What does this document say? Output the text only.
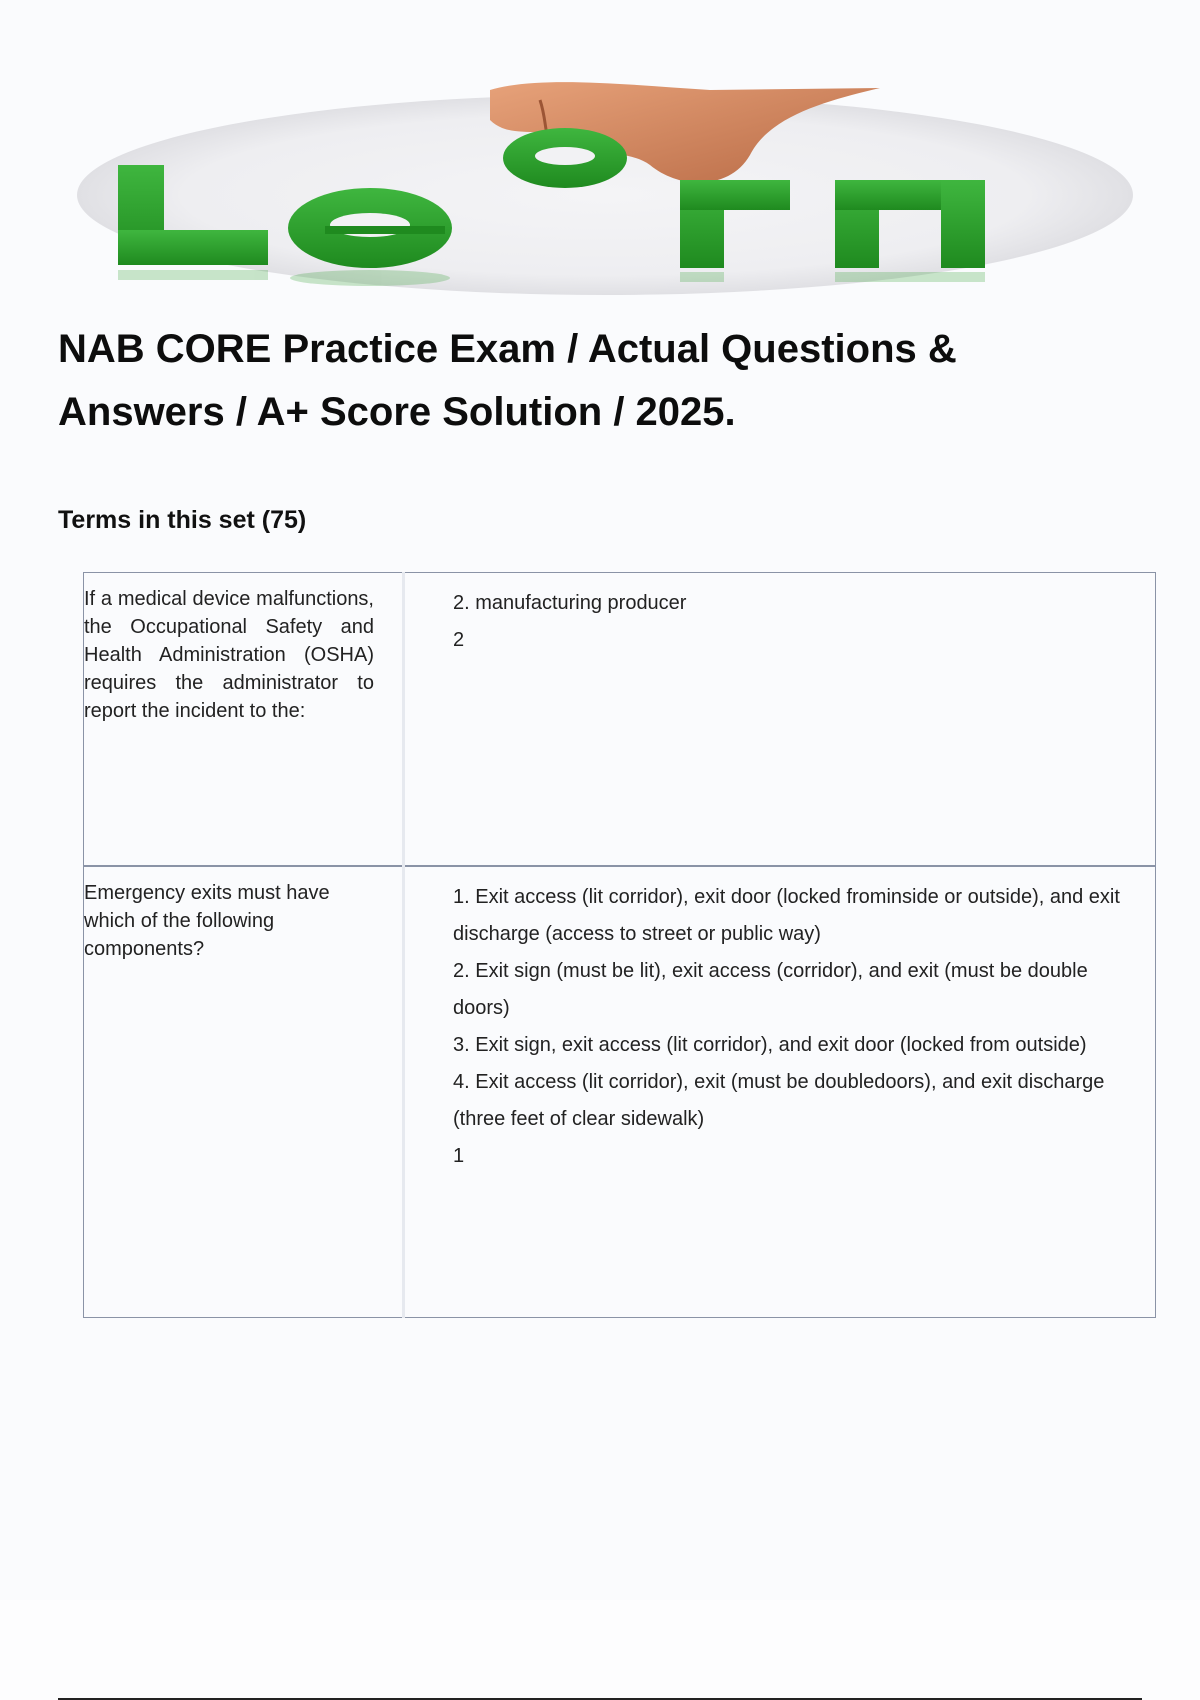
NAB CORE Practice Exam / Actual Questions & Answers / A+ Score Solution / 2025.
Terms in this set (75)
If a medical device malfunctions, the Occupational Safety and Health Administration (OSHA) requires the administrator to report the incident to the:	2. manufacturing producer
2

Emergency exits must have which of the following components?	1. Exit access (lit corridor), exit door (locked frominside or outside), and exit discharge (access to street or public way)
2. Exit sign (must be lit), exit access (corridor), and exit (must be double doors)
3. Exit sign, exit access (lit corridor), and exit door (locked from outside)
4. Exit access (lit corridor), exit (must be doubledoors), and exit discharge (three feet of clear sidewalk)
1
